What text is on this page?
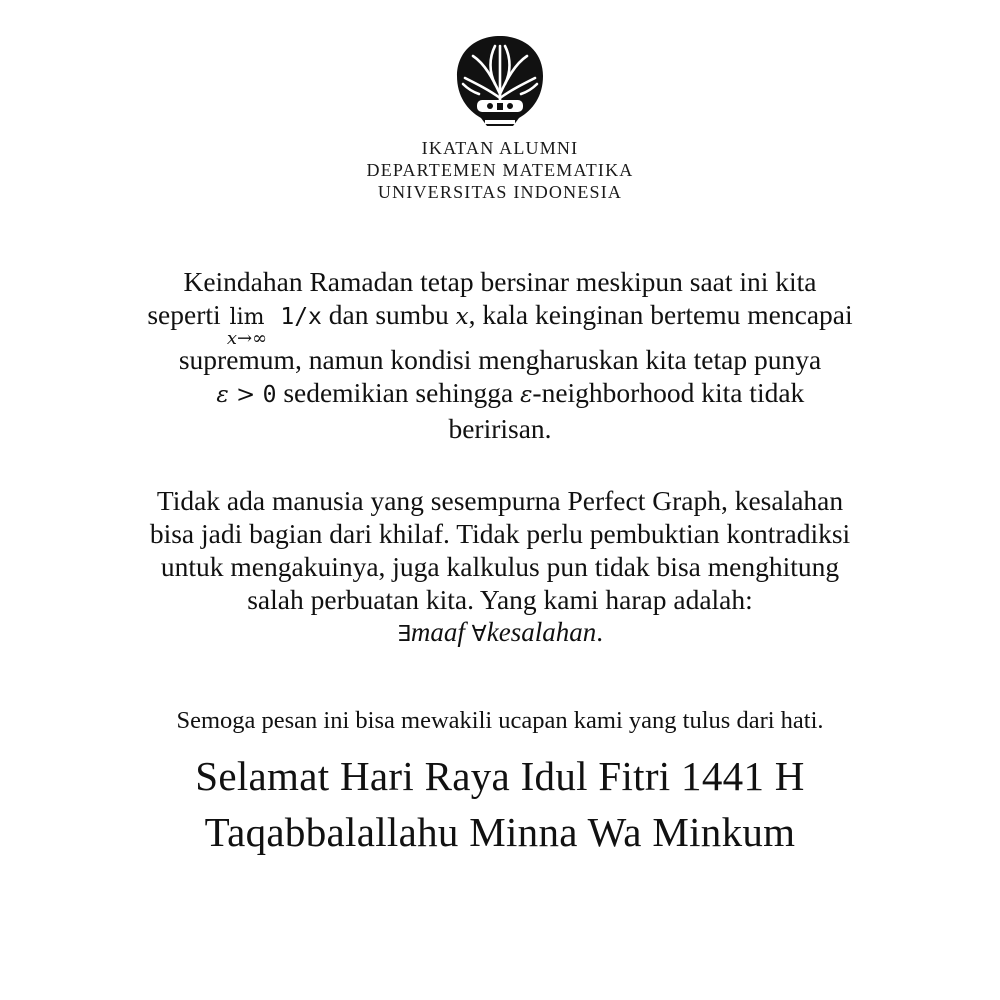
IKATAN ALUMNI
DEPARTEMEN MATEMATIKA
UNIVERSITAS INDONESIA
Keindahan Ramadan tetap bersinar meskipun saat ini kita
seperti lim
x→∞
1/x dan sumbu x, kala keinginan bertemu mencapai
supremum, namun kondisi mengharuskan kita tetap punya
ε > 0 sedemikian sehingga ε-neighborhood kita tidak
beririsan.
Tidak ada manusia yang sesempurna Perfect Graph, kesalahan
bisa jadi bagian dari khilaf. Tidak perlu pembuktian kontradiksi
untuk mengakuinya, juga kalkulus pun tidak bisa menghitung
salah perbuatan kita. Yang kami harap adalah:
∃maaf ∀kesalahan.
Semoga pesan ini bisa mewakili ucapan kami yang tulus dari hati.
Selamat Hari Raya Idul Fitri 1441 H
Taqabbalallahu Minna Wa Minkum
